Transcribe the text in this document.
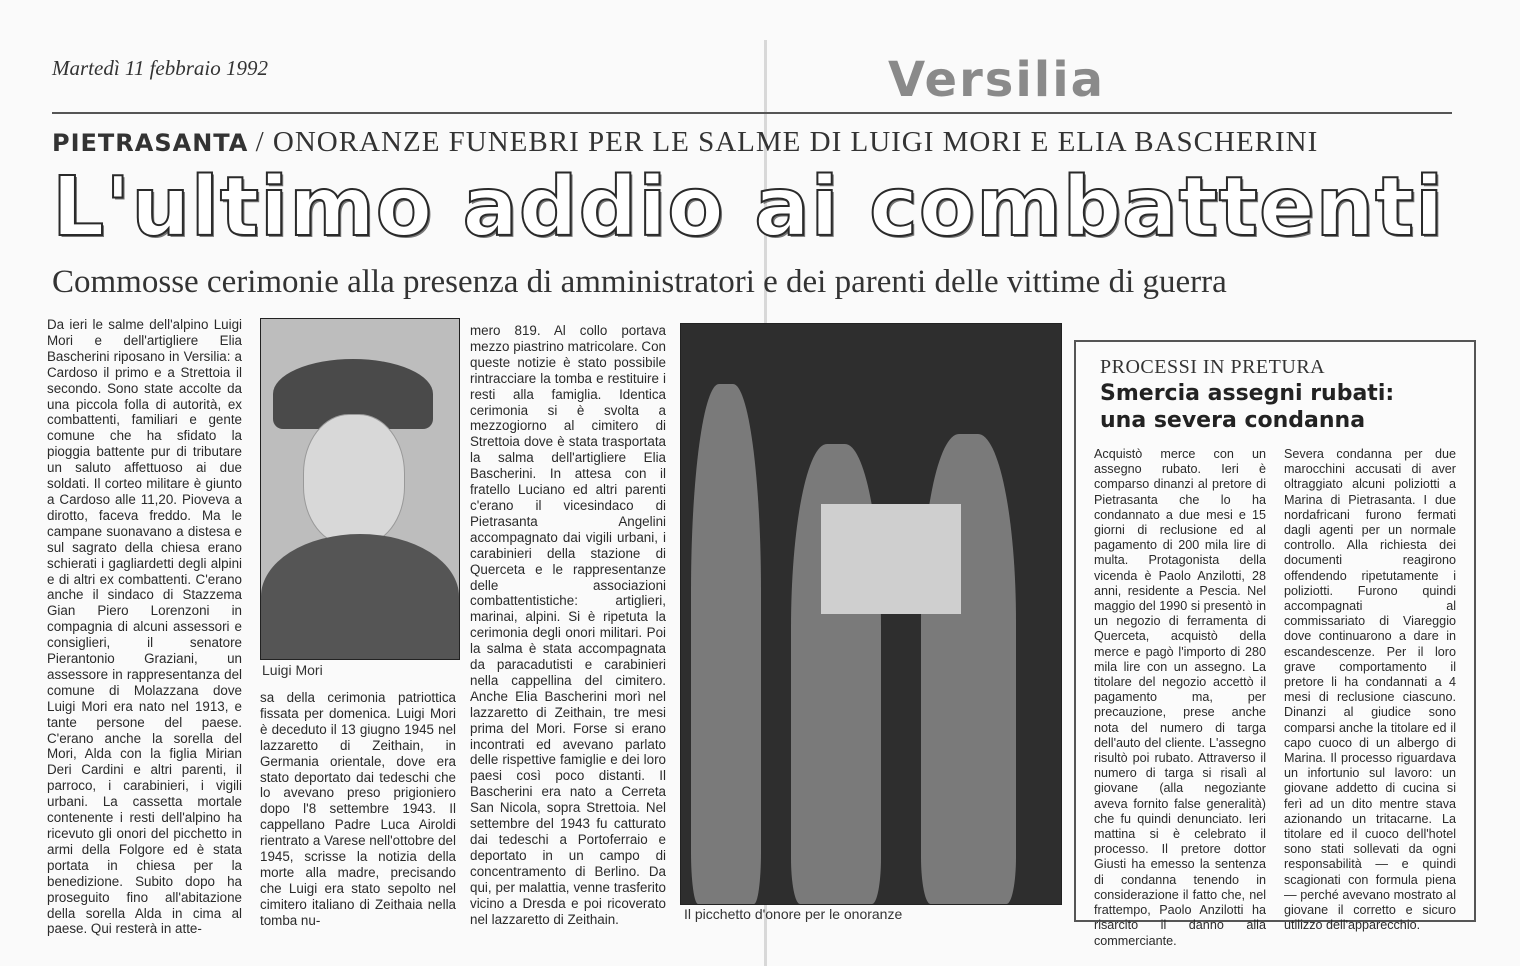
Martedì 11 febbraio 1992	Versilia
PIETRASANTA / ONORANZE FUNEBRI PER LE SALME DI LUIGI MORI E ELIA BASCHERINI
L'ultimo addio ai combattenti
Commosse cerimonie alla presenza di amministratori e dei parenti delle vittime di guerra

Da ieri le salme dell'alpino Luigi Mori e dell'artigliere Elia Bascherini riposano in Versilia: a Cardoso il primo e a Strettoia il secondo. Sono state accolte da una piccola folla di autorità, ex combattenti, familiari e gente comune che ha sfidato la pioggia battente pur di tributare un saluto affettuoso ai due soldati. Il corteo militare è giunto a Cardoso alle 11,20. Pioveva a dirotto, faceva freddo. Ma le campane suonavano a distesa e sul sagrato della chiesa erano schierati i gagliardetti degli alpini e di altri ex combattenti. C'erano anche il sindaco di Stazzema Gian Piero Lorenzoni in compagnia di alcuni assessori e consiglieri, il senatore Pierantonio Graziani, un assessore in rappresentanza del comune di Molazzana dove Luigi Mori era nato nel 1913, e tante persone del paese. C'erano anche la sorella del Mori, Alda con la figlia Mirian Deri Cardini e altri parenti, il parroco, i carabinieri, i vigili urbani. La cassetta mortale contenente i resti dell'alpino ha ricevuto gli onori del picchetto in armi della Folgore ed è stata portata in chiesa per la benedizione. Subito dopo ha proseguito fino all'abitazione della sorella Alda in cima al paese. Qui resterà in atte-

Luigi Mori

sa della cerimonia patriottica fissata per domenica. Luigi Mori è deceduto il 13 giugno 1945 nel lazzaretto di Zeithain, in Germania orientale, dove era stato deportato dai tedeschi che lo avevano preso prigioniero dopo l'8 settembre 1943. Il cappellano Padre Luca Airoldi rientrato a Varese nell'ottobre del 1945, scrisse la notizia della morte alla madre, precisando che Luigi era stato sepolto nel cimitero italiano di Zeithaia nella tomba nu-

mero 819. Al collo portava mezzo piastrino matricolare. Con queste notizie è stato possibile rintracciare la tomba e restituire i resti alla famiglia. Identica cerimonia si è svolta a mezzogiorno al cimitero di Strettoia dove è stata trasportata la salma dell'artigliere Elia Bascherini. In attesa con il fratello Luciano ed altri parenti c'erano il vicesindaco di Pietrasanta Angelini accompagnato dai vigili urbani, i carabinieri della stazione di Querceta e le rappresentanze delle associazioni combattentistiche: artiglieri, marinai, alpini. Si è ripetuta la cerimonia degli onori militari. Poi la salma è stata accompagnata da paracadutisti e carabinieri nella cappellina del cimitero. Anche Elia Bascherini morì nel lazzaretto di Zeithain, tre mesi prima del Mori. Forse si erano incontrati ed avevano parlato delle rispettive famiglie e dei loro paesi così poco distanti. Il Bascherini era nato a Cerreta San Nicola, sopra Strettoia. Nel settembre del 1943 fu catturato dai tedeschi a Portoferraio e deportato in un campo di concentramento di Berlino. Da qui, per malattia, venne trasferito vicino a Dresda e poi ricoverato nel lazzaretto di Zeithain.	Il picchetto d'onore per le onoranze
PROCESSI IN PRETURA
Smercia assegni rubati: una severa condanna

Acquistò merce con un assegno rubato. Ieri è comparso dinanzi al pretore di Pietrasanta che lo ha condannato a due mesi e 15 giorni di reclusione ed al pagamento di 200 mila lire di multa. Protagonista della vicenda è Paolo Anzilotti, 28 anni, residente a Pescia. Nel maggio del 1990 si presentò in un negozio di ferramenta di Querceta, acquistò della merce e pagò l'importo di 280 mila lire con un assegno. La titolare del negozio accettò il pagamento ma, per precauzione, prese anche nota del numero di targa dell'auto del cliente. L'assegno risultò poi rubato. Attraverso il numero di targa si risalì al giovane (alla negoziante aveva fornito false generalità) che fu quindi denunciato. Ieri mattina si è celebrato il processo. Il pretore dottor Giusti ha emesso la sentenza di condanna tenendo in considerazione il fatto che, nel frattempo, Paolo Anzilotti ha risarcito il danno alla commerciante.

Severa condanna per due marocchini accusati di aver oltraggiato alcuni poliziotti a Marina di Pietrasanta. I due nordafricani furono fermati dagli agenti per un normale controllo. Alla richiesta dei documenti reagirono offendendo ripetutamente i poliziotti. Furono quindi accompagnati al commissariato di Viareggio dove continuarono a dare in escandescenze. Per il loro grave comportamento il pretore li ha condannati a 4 mesi di reclusione ciascuno. Dinanzi al giudice sono comparsi anche la titolare ed il capo cuoco di un albergo di Marina. Il processo riguardava un infortunio sul lavoro: un giovane addetto di cucina si ferì ad un dito mentre stava azionando un tritacarne. La titolare ed il cuoco dell'hotel sono stati sollevati da ogni responsabilità — e quindi scagionati con formula piena — perché avevano mostrato al giovane il corretto e sicuro utilizzo dell'apparecchio.
